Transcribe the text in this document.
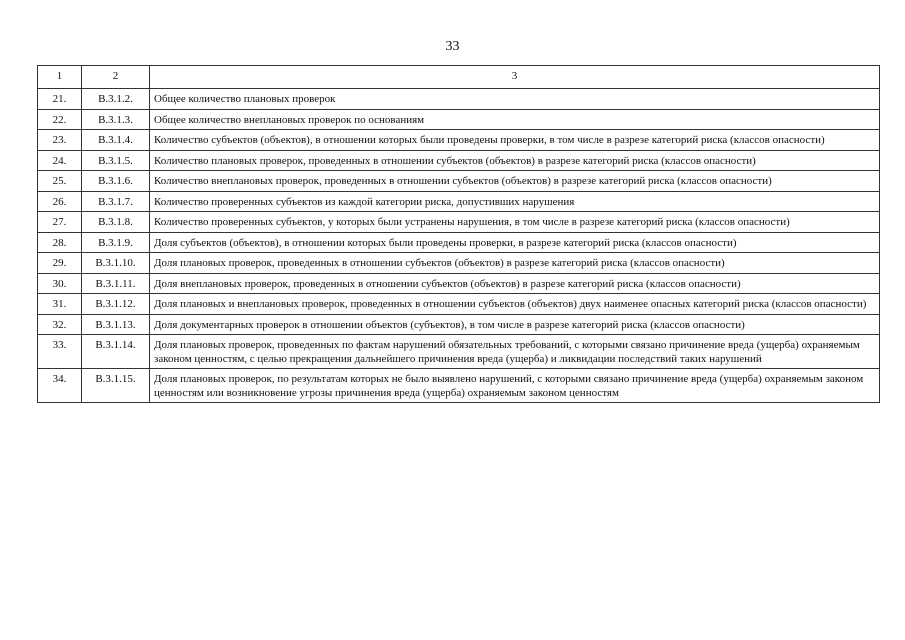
33
1	2	3
21.	В.3.1.2.	Общее количество плановых проверок
22.	В.3.1.3.	Общее количество внеплановых проверок по основаниям
23.	В.3.1.4.	Количество субъектов (объектов), в отношении которых были проведены проверки, в том числе в разрезе категорий риска (классов опасности)
24.	В.3.1.5.	Количество плановых проверок, проведенных в отношении субъектов (объектов) в разрезе категорий риска (классов опасности)
25.	В.3.1.6.	Количество внеплановых проверок, проведенных в отношении субъектов (объектов) в разрезе категорий риска (классов опасности)
26.	В.3.1.7.	Количество проверенных субъектов из каждой категории риска, допустивших нарушения
27.	В.3.1.8.	Количество проверенных субъектов, у которых были устранены нарушения, в том числе в разрезе категорий риска (классов опасности)
28.	В.3.1.9.	Доля субъектов (объектов), в отношении которых были проведены проверки, в разрезе категорий риска (классов опасности)
29.	В.3.1.10.	Доля плановых проверок, проведенных в отношении субъектов (объектов) в разрезе категорий риска (классов опасности)
30.	В.3.1.11.	Доля внеплановых проверок, проведенных в отношении субъектов (объектов) в разрезе категорий риска (классов опасности)
31.	В.3.1.12.	Доля плановых и внеплановых проверок, проведенных в отношении субъектов (объектов) двух наименее опасных категорий риска (классов опасности)
32.	В.3.1.13.	Доля документарных проверок в отношении объектов (субъектов), в том числе в разрезе категорий риска (классов опасности)
33.	В.3.1.14.	Доля плановых проверок, проведенных по фактам нарушений обязательных требований, с которыми связано причинение вреда (ущерба) охраняемым законом ценностям, с целью прекращения дальнейшего причинения вреда (ущерба) и ликвидации последствий таких нарушений
34.	В.3.1.15.	Доля плановых проверок, по результатам которых не было выявлено нарушений, с которыми связано причинение вреда (ущерба) охраняемым законом ценностям или возникновение угрозы причинения вреда (ущерба) охраняемым законом ценностям
